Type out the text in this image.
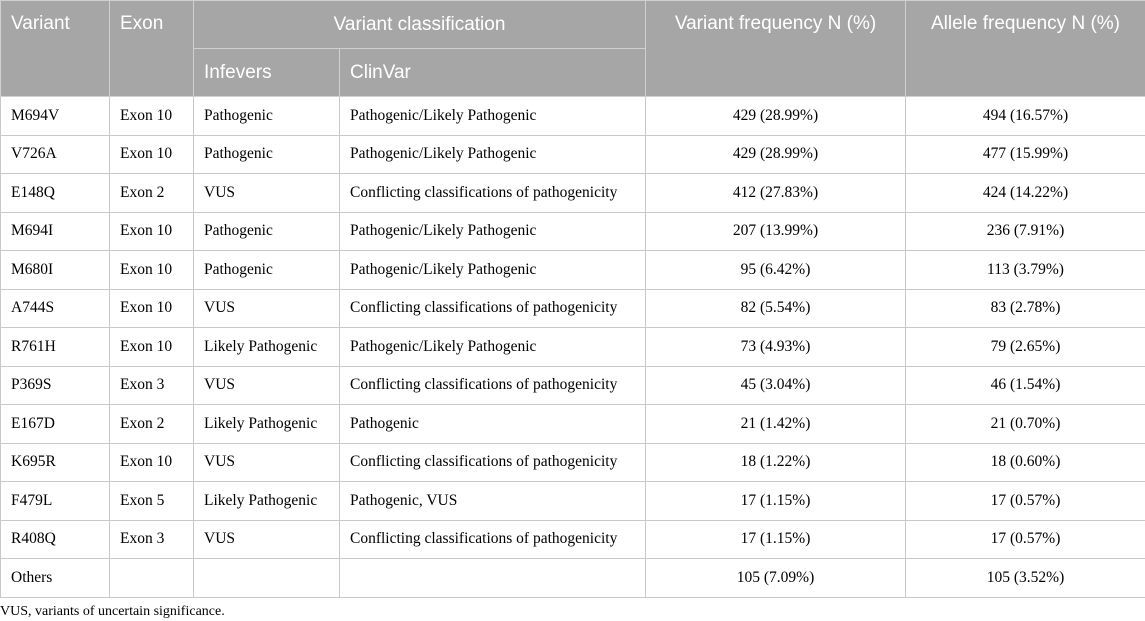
Variant	Exon	Variant classification		Variant frequency N (%)	Allele frequency N (%)
		Infevers	ClinVar		
M694V	Exon 10	Pathogenic	Pathogenic/Likely Pathogenic	429 (28.99%)	494 (16.57%)
V726A	Exon 10	Pathogenic	Pathogenic/Likely Pathogenic	429 (28.99%)	477 (15.99%)
E148Q	Exon 2	VUS	Conflicting classifications of pathogenicity	412 (27.83%)	424 (14.22%)
M694I	Exon 10	Pathogenic	Pathogenic/Likely Pathogenic	207 (13.99%)	236 (7.91%)
M680I	Exon 10	Pathogenic	Pathogenic/Likely Pathogenic	95 (6.42%)	113 (3.79%)
A744S	Exon 10	VUS	Conflicting classifications of pathogenicity	82 (5.54%)	83 (2.78%)
R761H	Exon 10	Likely Pathogenic	Pathogenic/Likely Pathogenic	73 (4.93%)	79 (2.65%)
P369S	Exon 3	VUS	Conflicting classifications of pathogenicity	45 (3.04%)	46 (1.54%)
E167D	Exon 2	Likely Pathogenic	Pathogenic	21 (1.42%)	21 (0.70%)
K695R	Exon 10	VUS	Conflicting classifications of pathogenicity	18 (1.22%)	18 (0.60%)
F479L	Exon 5	Likely Pathogenic	Pathogenic, VUS	17 (1.15%)	17 (0.57%)
R408Q	Exon 3	VUS	Conflicting classifications of pathogenicity	17 (1.15%)	17 (0.57%)
Others				105 (7.09%)	105 (3.52%)
VUS, variants of uncertain significance.
